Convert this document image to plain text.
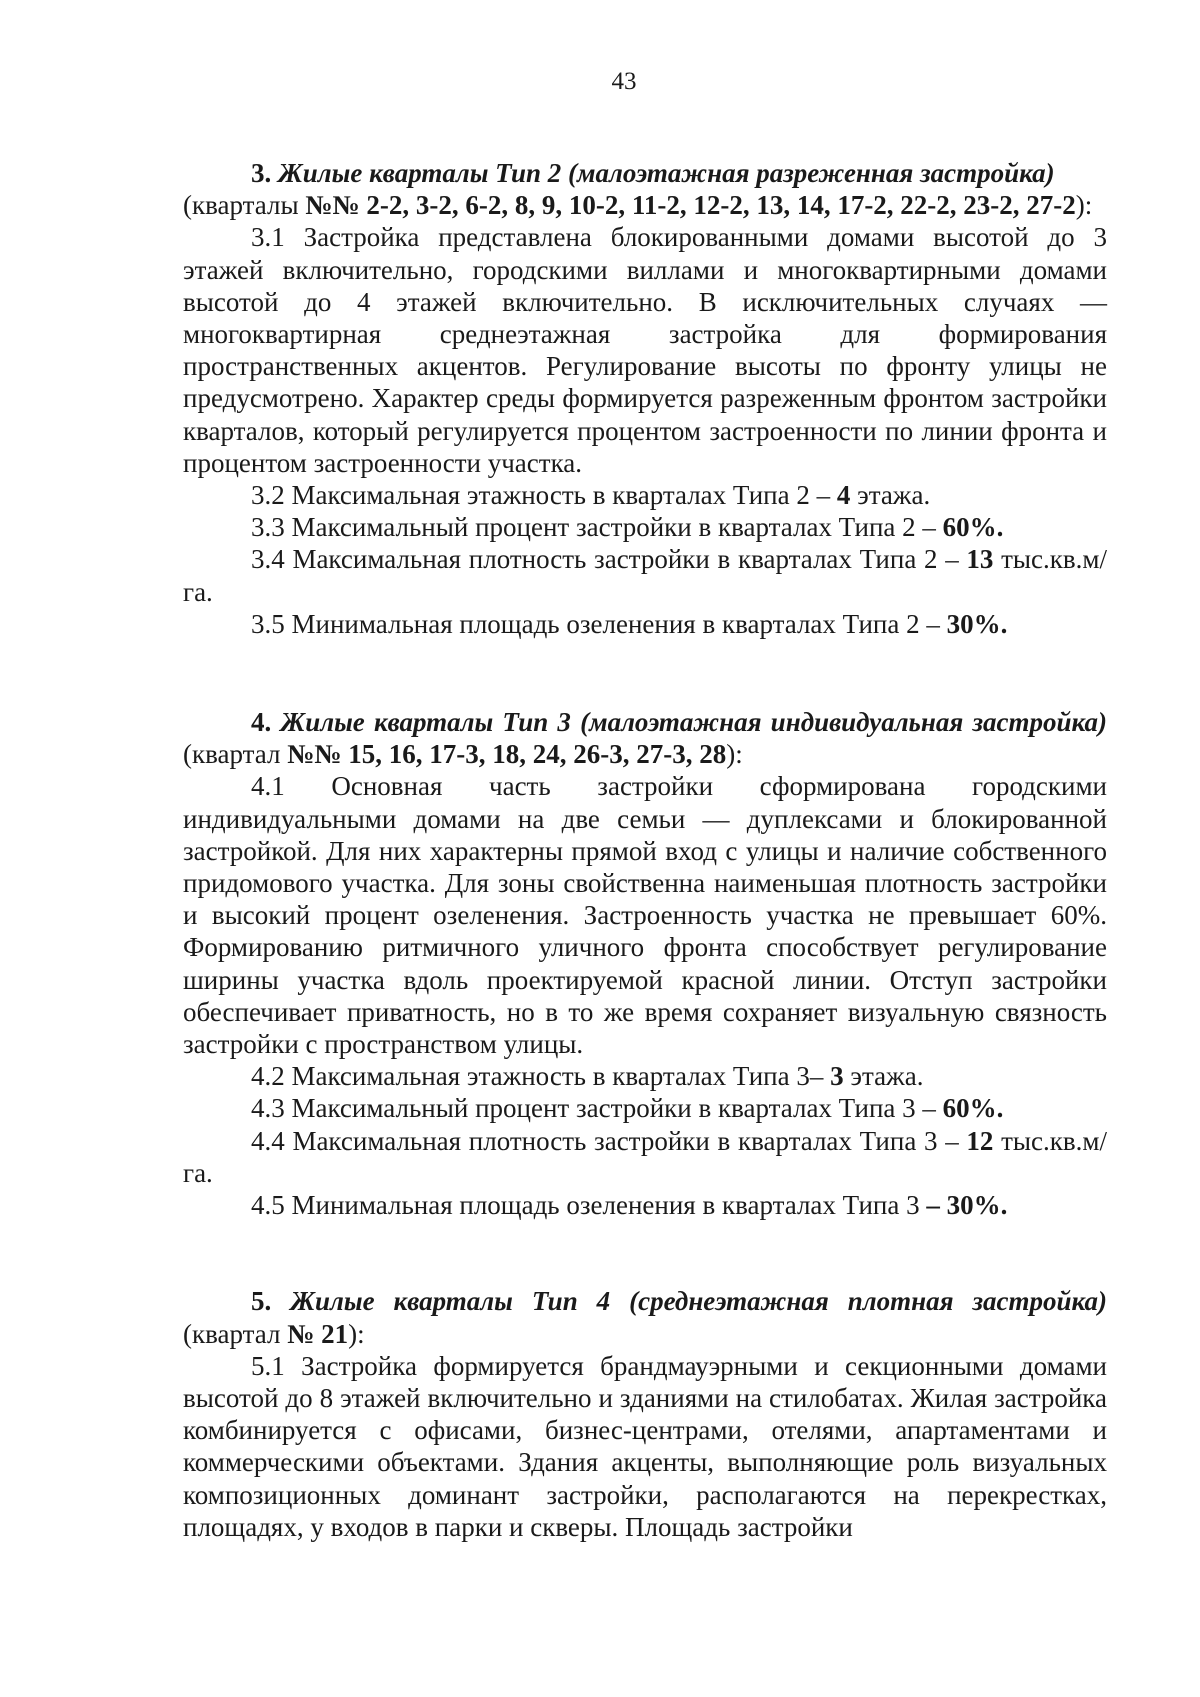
43

3. Жилые кварталы Тип 2 (малоэтажная разреженная застройка)
(кварталы №№ 2-2, 3-2, 6-2, 8, 9, 10-2, 11-2, 12-2, 13, 14, 17-2, 22-2, 23-2, 27-2):

3.1 Застройка представлена блокированными домами высотой до 3 этажей включительно, городскими виллами и многоквартирными домами высотой до 4 этажей включительно. В исключительных случаях — многоквартирная среднеэтажная застройка для формирования пространственных акцентов. Регулирование высоты по фронту улицы не предусмотрено. Характер среды формируется разреженным фронтом застройки кварталов, который регулируется процентом застроенности по линии фронта и процентом застроенности участка.

3.2 Максимальная этажность в кварталах Типа 2 – 4 этажа.

3.3 Максимальный процент застройки в кварталах Типа 2 – 60%.

3.4 Максимальная плотность застройки в кварталах Типа 2 – 13 тыс.кв.м/га.

3.5 Минимальная площадь озеленения в кварталах Типа 2 – 30%.

4. Жилые кварталы Тип 3 (малоэтажная индивидуальная застройка) (квартал №№ 15, 16, 17-3, 18, 24, 26-3, 27-3, 28):

4.1 Основная часть застройки сформирована городскими индивидуальными домами на две семьи — дуплексами и блокированной застройкой. Для них характерны прямой вход с улицы и наличие собственного придомового участка. Для зоны свойственна наименьшая плотность застройки и высокий процент озеленения. Застроенность участка не превышает 60%. Формированию ритмичного уличного фронта способствует регулирование ширины участка вдоль проектируемой красной линии. Отступ застройки обеспечивает приватность, но в то же время сохраняет визуальную связность застройки с пространством улицы.

4.2 Максимальная этажность в кварталах Типа 3– 3 этажа.

4.3 Максимальный процент застройки в кварталах Типа 3 – 60%.

4.4 Максимальная плотность застройки в кварталах Типа 3 – 12 тыс.кв.м/га.

4.5 Минимальная площадь озеленения в кварталах Типа 3 – 30%.

5. Жилые кварталы Тип 4 (среднеэтажная плотная застройка) (квартал № 21):

5.1 Застройка формируется брандмауэрными и секционными домами высотой до 8 этажей включительно и зданиями на стилобатах. Жилая застройка комбинируется с офисами, бизнес-центрами, отелями, апартаментами и коммерческими объектами. Здания акценты, выполняющие роль визуальных композиционных доминант застройки, располагаются на перекрестках, площадях, у входов в парки и скверы. Площадь застройки
